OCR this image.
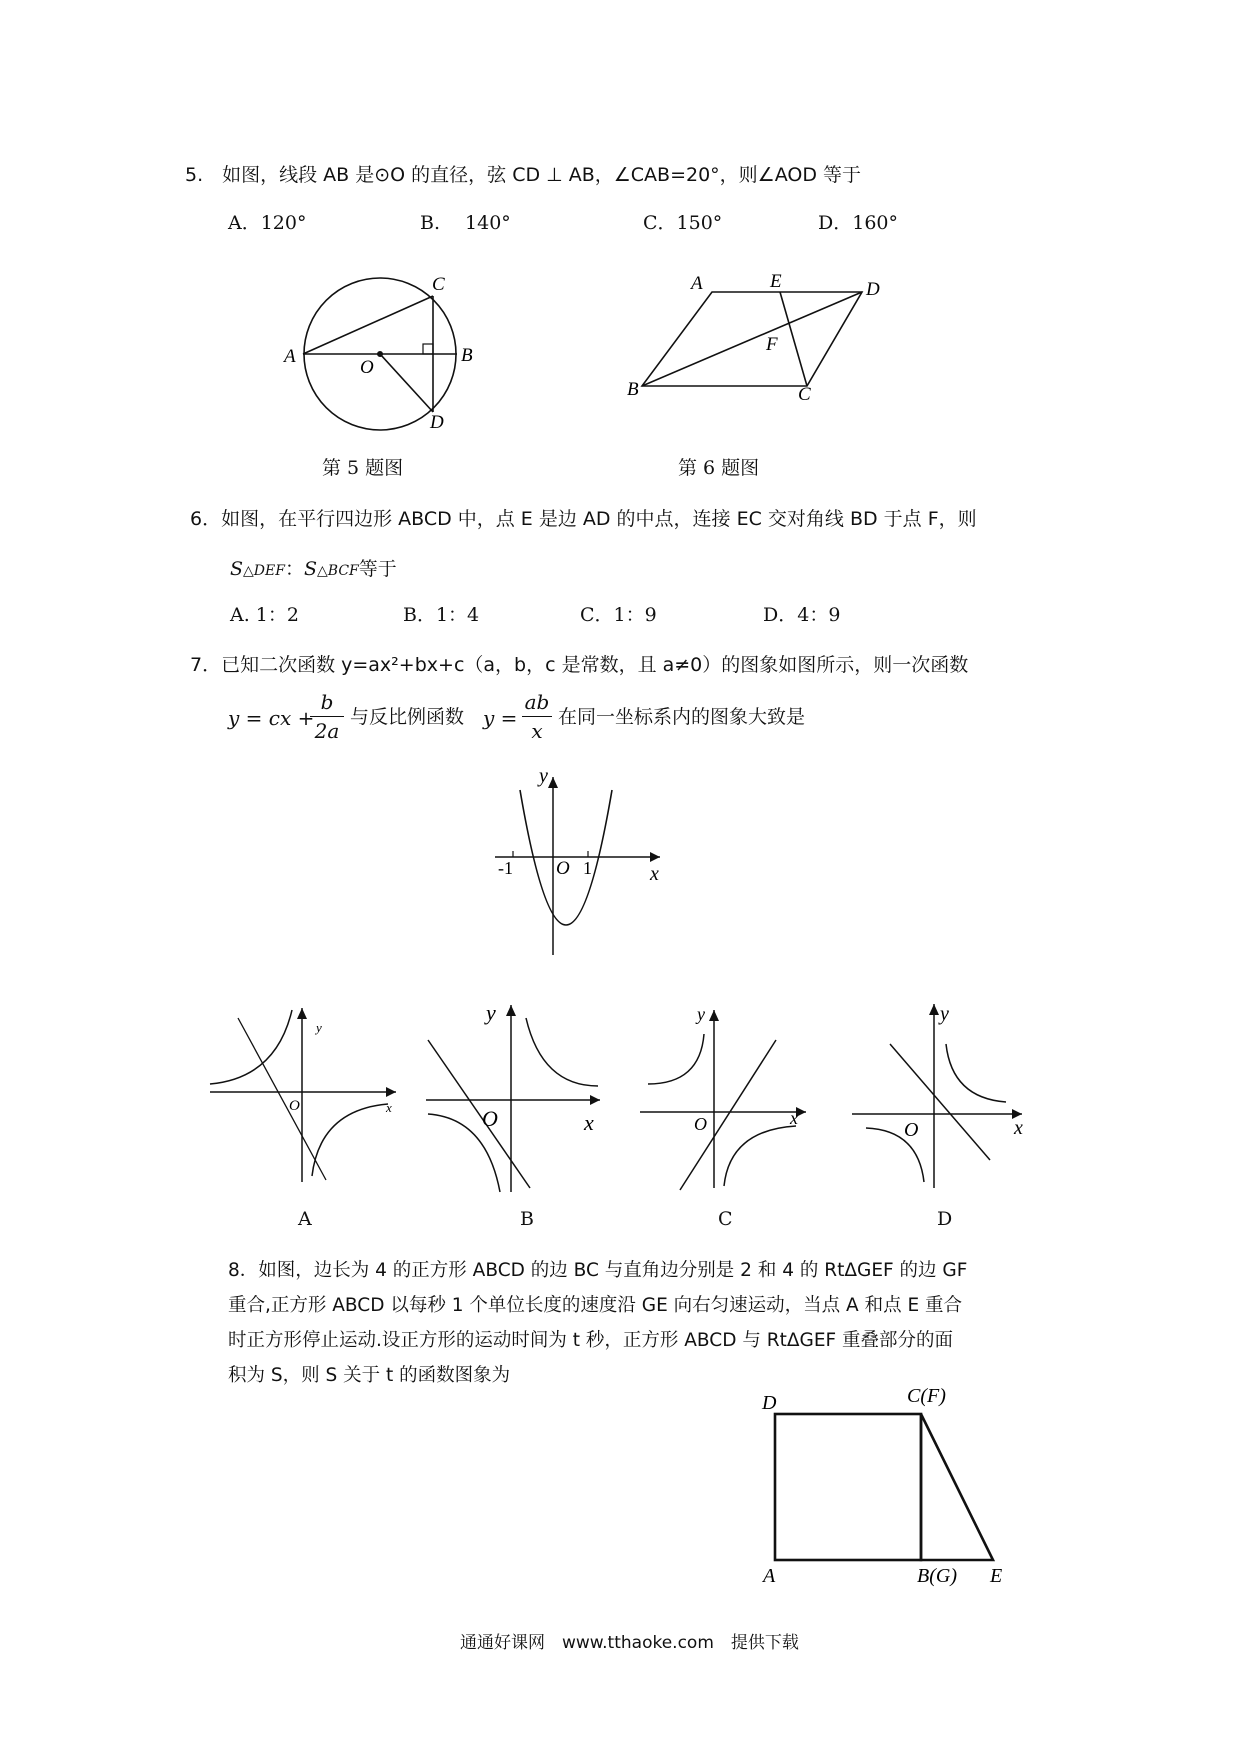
5.　如图，线段 AB 是⊙O 的直径，弦 CD ⊥ AB，∠CAB=20°，则∠AOD 等于
A．120°	B.　 140°	C．150°	D．160°
A	B
C
D
O
第 5 题图
A	E	D
F
B	C
第 6 题图
6．如图，在平行四边形 ABCD 中，点 E 是边 AD 的中点，连接 EC 交对角线 BD 于点 F，则
S△DEF：S△BCF等于
A. 1：2	B．1：4	C．1：9	D．4：9
7．已知二次函数 y=ax²+bx+c（a，b，c 是常数，且 a≠0）的图象如图所示，则一次函数
y = cx +
b
2a
与反比例函数 y =
ab
x
在同一坐标系内的图象大致是
y
x
O
-1	1
y
x
O
y
x
O
y
x
O
y
x
O
A	B	C	D
8．如图，边长为 4 的正方形 ABCD 的边 BC 与直角边分别是 2 和 4 的 RtΔGEF 的边 GF
重合,正方形 ABCD 以每秒 1 个单位长度的速度沿 GE 向右匀速运动，当点 A 和点 E 重合
时正方形停止运动.设正方形的运动时间为 t 秒，正方形 ABCD 与 RtΔGEF 重叠部分的面
积为 S，则 S 关于 t 的函数图象为
D	C(F)
A	B(G) E
通通好课网　www.tthaoke.com　提供下载
